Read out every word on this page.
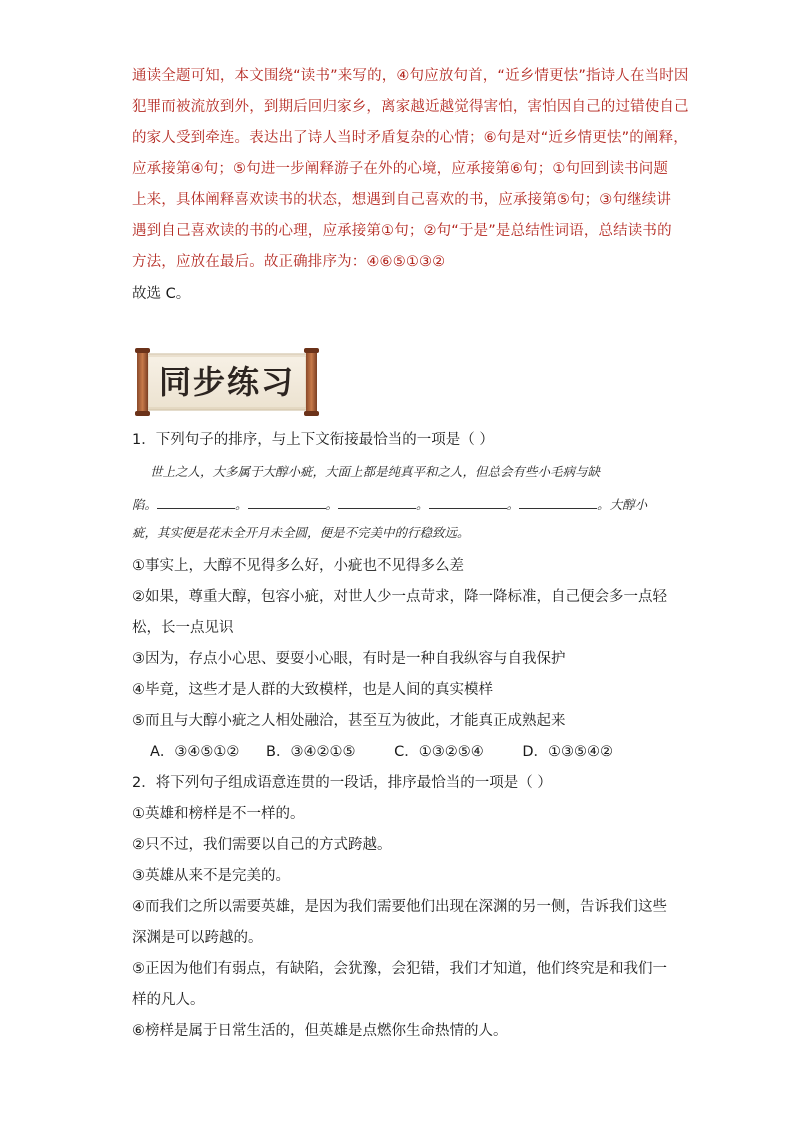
通读全题可知，本文围绕“读书”来写的，④句应放句首，“近乡情更怯”指诗人在当时因
犯罪而被流放到外，到期后回归家乡，离家越近越觉得害怕，害怕因自己的过错使自己
的家人受到牵连。表达出了诗人当时矛盾复杂的心情；⑥句是对“近乡情更怯”的阐释，
应承接第④句；⑤句进一步阐释游子在外的心境，应承接第⑥句；①句回到读书问题
上来，具体阐释喜欢读书的状态，想遇到自己喜欢的书，应承接第⑤句；③句继续讲
遇到自己喜欢读的书的心理，应承接第①句；②句“于是”是总结性词语，总结读书的
方法，应放在最后。故正确排序为：④⑥⑤①③②
故选 C。
同步练习
1．下列句子的排序，与上下文衔接最恰当的一项是（ ）
世上之人，大多属于大醇小疵，大面上都是纯真平和之人，但总会有些小毛病与缺
陷。	。	。	。	。	。大醇小
疵，其实便是花未全开月未全圆，便是不完美中的行稳致远。
①事实上，大醇不见得多么好，小疵也不见得多么差
②如果，尊重大醇，包容小疵，对世人少一点苛求，降一降标准，自己便会多一点轻
松，长一点见识
③因为，存点小心思、耍耍小心眼，有时是一种自我纵容与自我保护
④毕竟，这些才是人群的大致模样，也是人间的真实模样
⑤而且与大醇小疵之人相处融洽，甚至互为彼此，才能真正成熟起来
A．③④⑤①② B．③④②①⑤	C．①③②⑤④	D．①③⑤④②
2．将下列句子组成语意连贯的一段话，排序最恰当的一项是（ ）
①英雄和榜样是不一样的。
②只不过，我们需要以自己的方式跨越。
③英雄从来不是完美的。
④而我们之所以需要英雄，是因为我们需要他们出现在深渊的另一侧，告诉我们这些
深渊是可以跨越的。
⑤正因为他们有弱点，有缺陷，会犹豫，会犯错，我们才知道，他们终究是和我们一
样的凡人。
⑥榜样是属于日常生活的，但英雄是点燃你生命热情的人。
